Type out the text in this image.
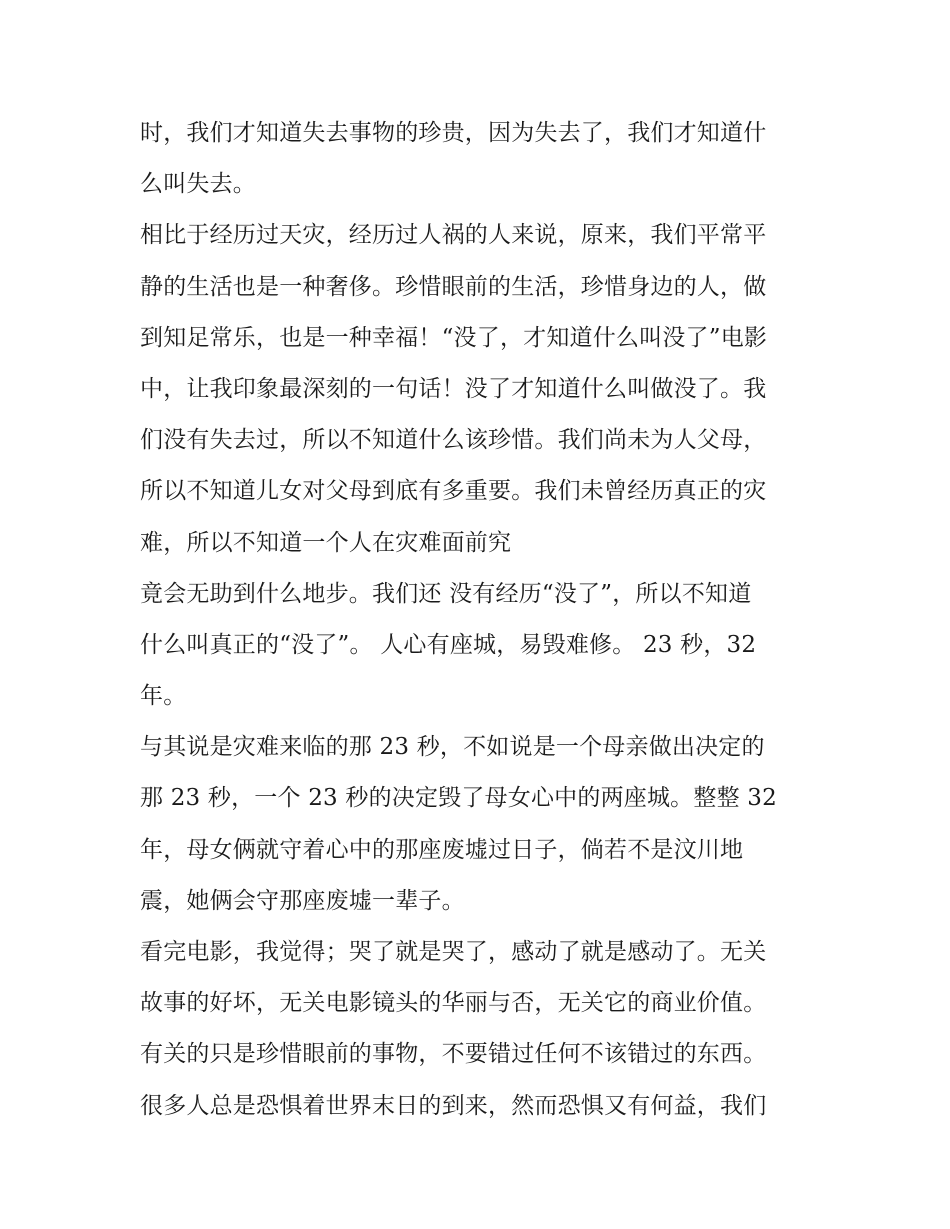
时，我们才知道失去事物的珍贵，因为失去了，我们才知道什
么叫失去。
相比于经历过天灾，经历过人祸的人来说，原来，我们平常平
静的生活也是一种奢侈。珍惜眼前的生活，珍惜身边的人，做
到知足常乐，也是一种幸福！“没了，才知道什么叫没了”电影
中，让我印象最深刻的一句话！没了才知道什么叫做没了。我
们没有失去过，所以不知道什么该珍惜。我们尚未为人父母，
所以不知道儿女对父母到底有多重要。我们未曾经历真正的灾
难，所以不知道一个人在灾难面前究
竟会无助到什么地步。我们还 没有经历“没了”，所以不知道
什么叫真正的“没了”。 人心有座城，易毁难修。 23 秒，32
年。
与其说是灾难来临的那 23 秒，不如说是一个母亲做出决定的
那 23 秒，一个 23 秒的决定毁了母女心中的两座城。整整 32
年，母女俩就守着心中的那座废墟过日子，倘若不是汶川地
震，她俩会守那座废墟一辈子。
看完电影，我觉得；哭了就是哭了，感动了就是感动了。无关
故事的好坏，无关电影镜头的华丽与否，无关它的商业价值。
有关的只是珍惜眼前的事物，不要错过任何不该错过的东西。
很多人总是恐惧着世界末日的到来，然而恐惧又有何益，我们
